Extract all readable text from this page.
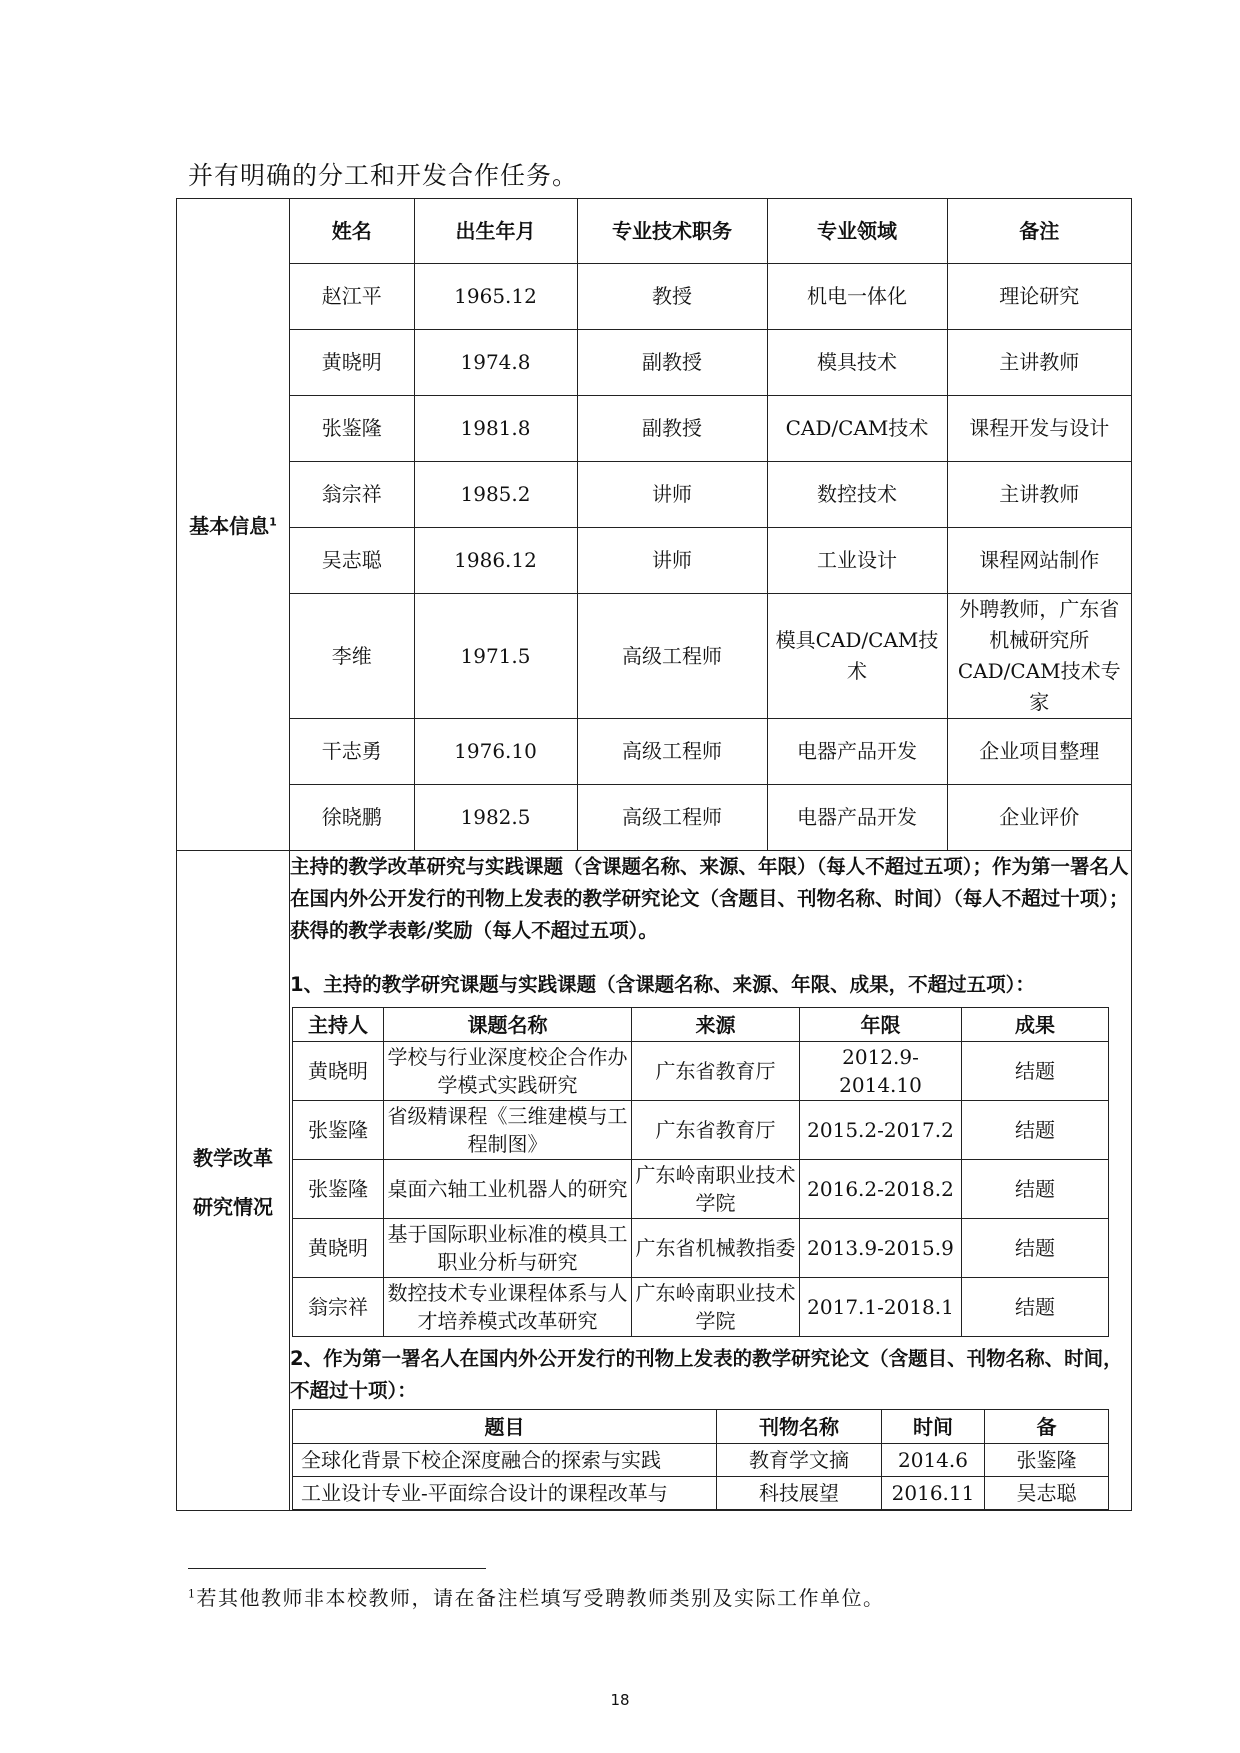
并有明确的分工和开发合作任务。
基本信息$^1$	
姓名	出生年月	专业技术职务	专业领域	备注
赵江平	1965.12	教授	机电一体化	理论研究
黄晓明	1974.8	副教授	模具技术	主讲教师
张鉴隆	1981.8	副教授	CAD/CAM技术	课程开发与设计
翁宗祥	1985.2	讲师	数控技术	主讲教师
吴志聪	1986.12	讲师	工业设计	课程网站制作
李维	1971.5	高级工程师	模具CAD/CAM技术	外聘教师，广东省机械研究所CAD/CAM技术专家
干志勇	1976.10	高级工程师	电器产品开发	企业项目整理
徐晓鹏	1982.5	高级工程师	电器产品开发	企业评价

教学改革
研究情况

主持的教学改革研究与实践课题（含课题名称、来源、年限）（每人不超过五项）；作为第一署名人在国内外公开发行的刊物上发表的教学研究论文（含题目、刊物名称、时间）（每人不超过十项）；获得的教学表彰/奖励（每人不超过五项）。

1、主持的教学研究课题与实践课题（含课题名称、来源、年限、成果，不超过五项）：

主持人	课题名称	来源	年限	成果
黄晓明	学校与行业深度校企合作办学模式实践研究	广东省教育厅	2012.9-2014.10	结题
张鉴隆	省级精课程《三维建模与工程制图》	广东省教育厅	2015.2-2017.2	结题
张鉴隆	桌面六轴工业机器人的研究	广东岭南职业技术学院	2016.2-2018.2	结题
黄晓明	基于国际职业标准的模具工职业分析与研究	广东省机械教指委	2013.9-2015.9	结题
翁宗祥	数控技术专业课程体系与人才培养模式改革研究	广东岭南职业技术学院	2017.1-2018.1	结题

2、作为第一署名人在国内外公开发行的刊物上发表的教学研究论文（含题目、刊物名称、时间，不超过十项）：

题目	刊物名称	时间	备
全球化背景下校企深度融合的探索与实践	教育学文摘	2014.6	张鉴隆
工业设计专业-平面综合设计的课程改革与	科技展望	2016.11	吴志聪
$^1$若其他教师非本校教师，请在备注栏填写受聘教师类别及实际工作单位。
18
